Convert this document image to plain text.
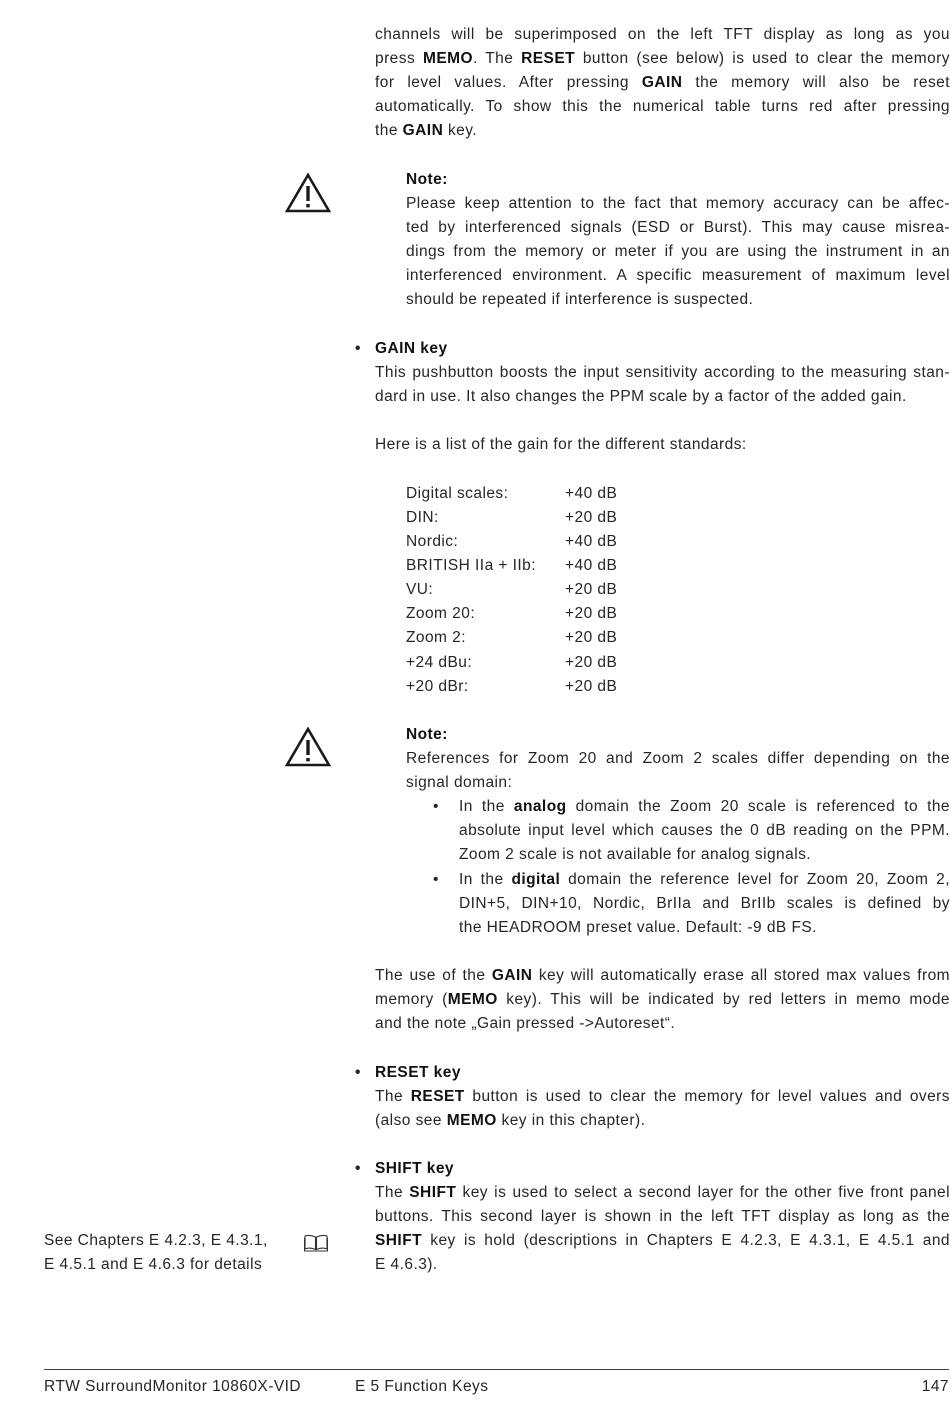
channels will be superimposed on the left TFT display as long as you
press MEMO. The RESET button (see below) is used to clear the memory
for level values. After pressing GAIN the memory will also be reset
automatically. To show this the numerical table turns red after pressing
the GAIN key.
Note:
Please keep attention to the fact that memory accuracy can be affec-
ted by interferenced signals (ESD or Burst). This may cause misrea-
dings from the memory or meter if you are using the instrument in an
interferenced environment. A specific measurement of maximum level
should be repeated if interference is suspected.
• GAIN key
This pushbutton boosts the input sensitivity according to the measuring stan-
dard in use. It also changes the PPM scale by a factor of the added gain.
Here is a list of the gain for the different standards:
Digital scales:	+40 dB
DIN:	+20 dB
Nordic:	+40 dB
BRITISH IIa + IIb: +40 dB
VU:	+20 dB
Zoom 20:	+20 dB
Zoom 2:	+20 dB
+24 dBu:	+20 dB
+20 dBr:	+20 dB
Note:
References for Zoom 20 and Zoom 2 scales differ depending on the
signal domain:
• In the analog domain the Zoom 20 scale is referenced to the
absolute input level which causes the 0 dB reading on the PPM.
Zoom 2 scale is not available for analog signals.
• In the digital domain the reference level for Zoom 20, Zoom 2,
DIN+5, DIN+10, Nordic, BrIIa and BrIIb scales is defined by
the HEADROOM preset value. Default: -9 dB FS.
The use of the GAIN key will automatically erase all stored max values from
memory (MEMO key). This will be indicated by red letters in memo mode
and the note „Gain pressed ->Autoreset“.
• RESET key
The RESET button is used to clear the memory for level values and overs
(also see MEMO key in this chapter).
• SHIFT key
The SHIFT key is used to select a second layer for the other five front panel
buttons. This second layer is shown in the left TFT display as long as the
SHIFT key is hold (descriptions in Chapters E 4.2.3, E 4.3.1, E 4.5.1 and
E 4.6.3).
See Chapters E 4.2.3, E 4.3.1,
E 4.5.1 and E 4.6.3 for details
RTW SurroundMonitor 10860X-VID	E 5 Function Keys	147
